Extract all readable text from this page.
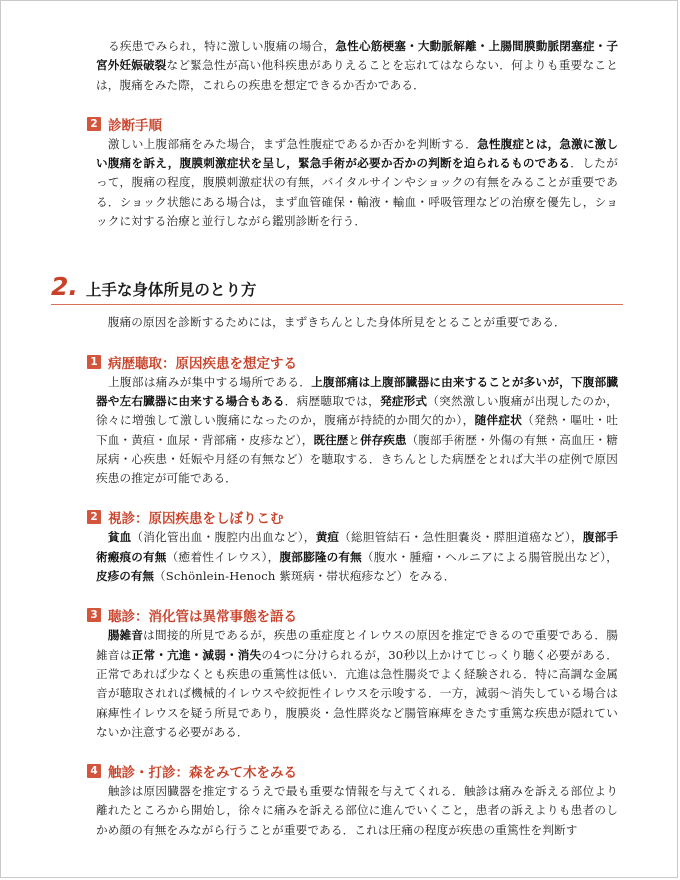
　る疾患でみられ，特に激しい腹痛の場合，急性心筋梗塞・大動脈解離・上腸間膜動脈閉塞症・子宮外妊娠破裂など緊急性が高い他科疾患がありえることを忘れてはならない．何よりも重要なことは，腹痛をみた際，これらの疾患を想定できるか否かである．

2 診断手順

　激しい上腹部痛をみた場合，まず急性腹症であるか否かを判断する．急性腹症とは，急激に激しい腹痛を訴え，腹膜刺激症状を呈し，緊急手術が必要か否かの判断を迫られるものである．したがって，腹痛の程度，腹膜刺激症状の有無，バイタルサインやショックの有無をみることが重要である．ショック状態にある場合は，まず血管確保・輸液・輸血・呼吸管理などの治療を優先し，ショックに対する治療と並行しながら鑑別診断を行う．

2. 上手な身体所見のとり方

　腹痛の原因を診断するためには，まずきちんとした身体所見をとることが重要である．

1 病歴聴取：原因疾患を想定する

　上腹部は痛みが集中する場所である．上腹部痛は上腹部臓器に由来することが多いが，下腹部臓器や左右臓器に由来する場合もある．病歴聴取では，発症形式（突然激しい腹痛が出現したのか，徐々に増強して激しい腹痛になったのか，腹痛が持続的か間欠的か），随伴症状（発熱・嘔吐・吐下血・黄疸・血尿・背部痛・皮疹など），既往歴と併存疾患（腹部手術歴・外傷の有無・高血圧・糖尿病・心疾患・妊娠や月経の有無など）を聴取する．きちんとした病歴をとれば大半の症例で原因疾患の推定が可能である．

2 視診：原因疾患をしぼりこむ

　貧血（消化管出血・腹腔内出血など），黄疸（総胆管結石・急性胆嚢炎・膵胆道癌など），腹部手術瘢痕の有無（癒着性イレウス），腹部膨隆の有無（腹水・腫瘤・ヘルニアによる腸管脱出など），皮疹の有無（Schönlein-Henoch 紫斑病・帯状疱疹など）をみる．

3 聴診：消化管は異常事態を語る

　腸雑音は間接的所見であるが，疾患の重症度とイレウスの原因を推定できるので重要である．腸雑音は正常・亢進・減弱・消失の4つに分けられるが，30秒以上かけてじっくり聴く必要がある．正常であれば少なくとも疾患の重篤性は低い．亢進は急性腸炎でよく経験される．特に高調な金属音が聴取されれば機械的イレウスや絞扼性イレウスを示唆する．一方，減弱～消失している場合は麻痺性イレウスを疑う所見であり，腹膜炎・急性膵炎など腸管麻痺をきたす重篤な疾患が隠れていないか注意する必要がある．

4 触診・打診：森をみて木をみる

　触診は原因臓器を推定するうえで最も重要な情報を与えてくれる．触診は痛みを訴える部位より離れたところから開始し，徐々に痛みを訴える部位に進んでいくこと，患者の訴えよりも患者のしかめ顔の有無をみながら行うことが重要である．これは圧痛の程度が疾患の重篤性を判断す
